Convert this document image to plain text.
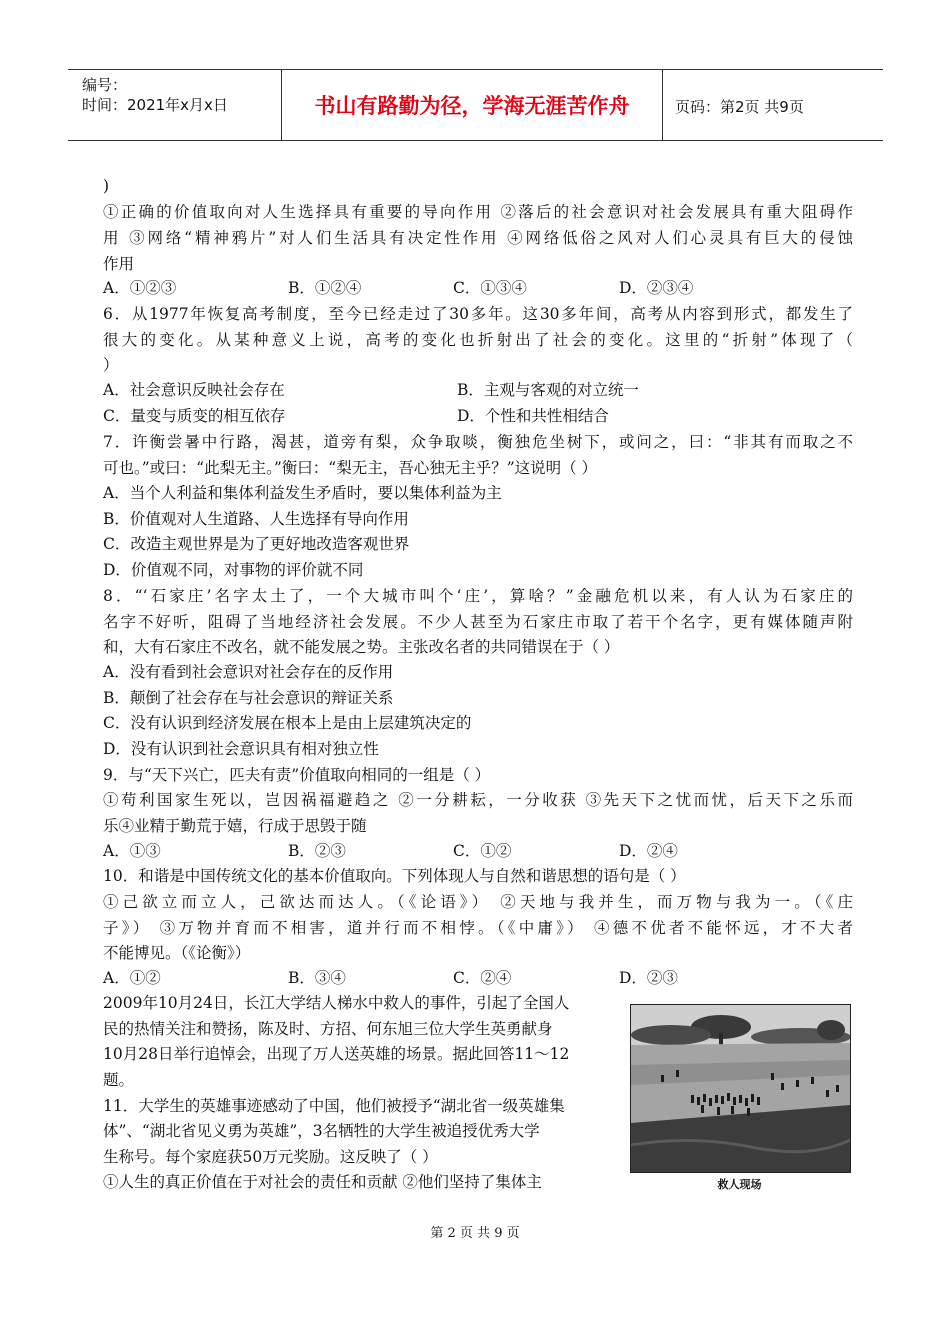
编号：
时间：2021年x月x日	书山有路勤为径，学海无涯苦作舟	页码：第2页 共9页
)
①正确的价值取向对人生选择具有重要的导向作用 ②落后的社会意识对社会发展具有重大阻碍作
用 ③网络“精神鸦片”对人们生活具有决定性作用 ④网络低俗之风对人们心灵具有巨大的侵蚀
作用
A．①②③	B．①②④	C．①③④	D．②③④
6．从1977年恢复高考制度，至今已经走过了30多年。这30多年间，高考从内容到形式，都发生了
很大的变化。从某种意义上说，高考的变化也折射出了社会的变化。这里的“折射”体现了（
）
A．社会意识反映社会存在	B．主观与客观的对立统一
C．量变与质变的相互依存	D．个性和共性相结合
7．许衡尝暑中行路，渴甚，道旁有梨，众争取啖，衡独危坐树下，或问之，曰：“非其有而取之不
可也。”或曰：“此梨无主。”衡曰：“梨无主，吾心独无主乎？”这说明（ ）
A．当个人利益和集体利益发生矛盾时，要以集体利益为主
B．价值观对人生道路、人生选择有导向作用
C．改造主观世界是为了更好地改造客观世界
D．价值观不同，对事物的评价就不同
8．“‘石家庄’名字太土了，一个大城市叫个‘庄’，算啥？”金融危机以来，有人认为石家庄的
名字不好听，阻碍了当地经济社会发展。不少人甚至为石家庄市取了若干个名字，更有媒体随声附
和，大有石家庄不改名，就不能发展之势。主张改名者的共同错误在于（ ）
A．没有看到社会意识对社会存在的反作用
B．颠倒了社会存在与社会意识的辩证关系
C．没有认识到经济发展在根本上是由上层建筑决定的
D．没有认识到社会意识具有相对独立性
9．与“天下兴亡，匹夫有责”价值取向相同的一组是（ ）
①苟利国家生死以，岂因祸福避趋之 ②一分耕耘，一分收获 ③先天下之忧而忧，后天下之乐而
乐④业精于勤荒于嬉，行成于思毁于随
A．①③	B．②③	C．①②	D．②④
10．和谐是中国传统文化的基本价值取向。下列体现人与自然和谐思想的语句是（ ）
①己欲立而立人，己欲达而达人。（《论语》） ②天地与我并生，而万物与我为一。（《庄
子》） ③万物并育而不相害，道并行而不相悖。（《中庸》） ④德不优者不能怀远，才不大者
不能博见。（《论衡》）
A．①②	B．③④	C．②④	D．②③
2009年10月24日，长江大学结人梯水中救人的事件，引起了全国人
民的热情关注和赞扬，陈及时、方招、何东旭三位大学生英勇献身
10月28日举行追悼会，出现了万人送英雄的场景。据此回答11～12
题。
11．大学生的英雄事迹感动了中国，他们被授予“湖北省一级英雄集
体”、“湖北省见义勇为英雄”，3名牺牲的大学生被追授优秀大学
生称号。每个家庭获50万元奖励。这反映了（ ）
①人生的真正价值在于对社会的责任和贡献 ②他们坚持了集体主	救人现场
第 2 页 共 9 页
